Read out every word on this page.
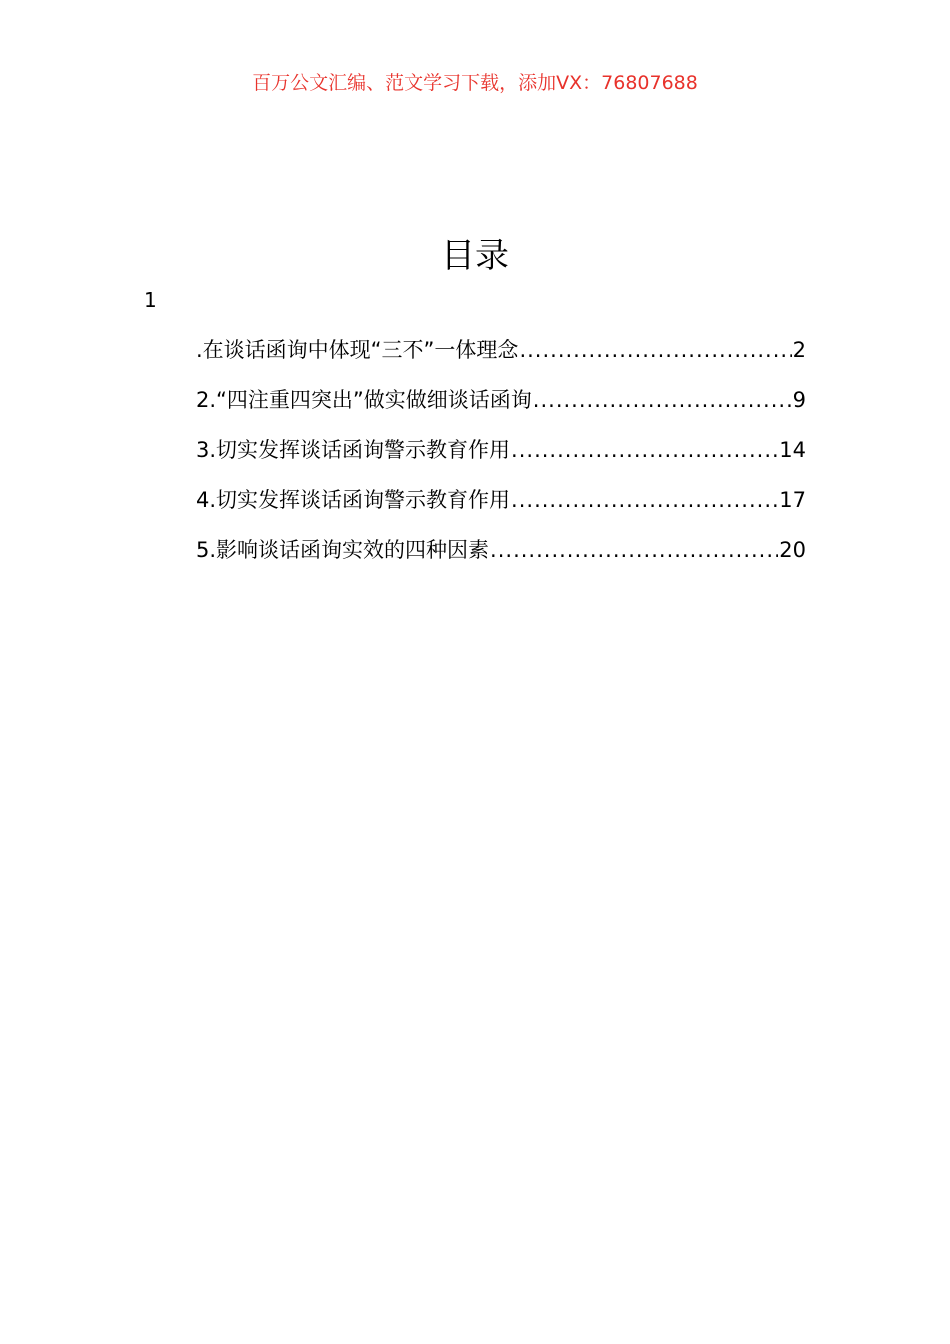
百万公文汇编、范文学习下载，添加VX：76807688
目录
1
.在谈话函询中体现“三不”一体理念 .....	2
2.“四注重四突出”做实做细谈话函询 .....	9
3.切实发挥谈话函询警示教育作用 .....	14
4.切实发挥谈话函询警示教育作用 .....	17
5.影响谈话函询实效的四种因素 .....	20
